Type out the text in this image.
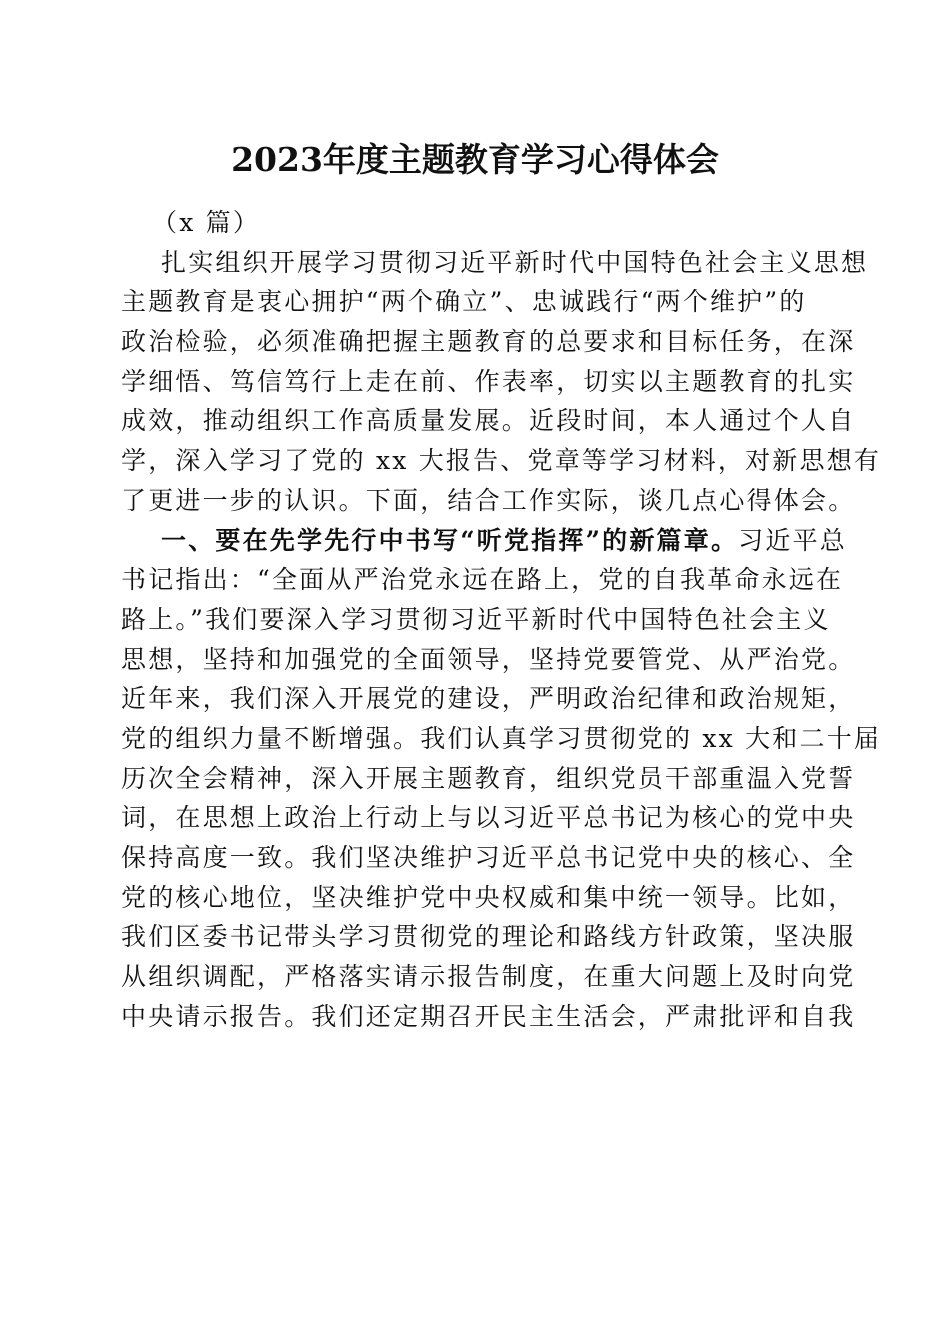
2023年度主题教育学习心得体会
（x 篇）
扎实组织开展学习贯彻习近平新时代中国特色社会主义思想
主题教育是衷心拥护“两个确立”、忠诚践行“两个维护”的
政治检验，必须准确把握主题教育的总要求和目标任务，在深
学细悟、笃信笃行上走在前、作表率，切实以主题教育的扎实
成效，推动组织工作高质量发展。近段时间，本人通过个人自
学，深入学习了党的 xx 大报告、党章等学习材料，对新思想有
了更进一步的认识。下面，结合工作实际，谈几点心得体会。
一、要在先学先行中书写“听党指挥”的新篇章。习近平总
书记指出：“全面从严治党永远在路上，党的自我革命永远在
路上。”我们要深入学习贯彻习近平新时代中国特色社会主义
思想，坚持和加强党的全面领导，坚持党要管党、从严治党。
近年来，我们深入开展党的建设，严明政治纪律和政治规矩，
党的组织力量不断增强。我们认真学习贯彻党的 xx 大和二十届
历次全会精神，深入开展主题教育，组织党员干部重温入党誓
词，在思想上政治上行动上与以习近平总书记为核心的党中央
保持高度一致。我们坚决维护习近平总书记党中央的核心、全
党的核心地位，坚决维护党中央权威和集中统一领导。比如，
我们区委书记带头学习贯彻党的理论和路线方针政策，坚决服
从组织调配，严格落实请示报告制度，在重大问题上及时向党
中央请示报告。我们还定期召开民主生活会，严肃批评和自我
